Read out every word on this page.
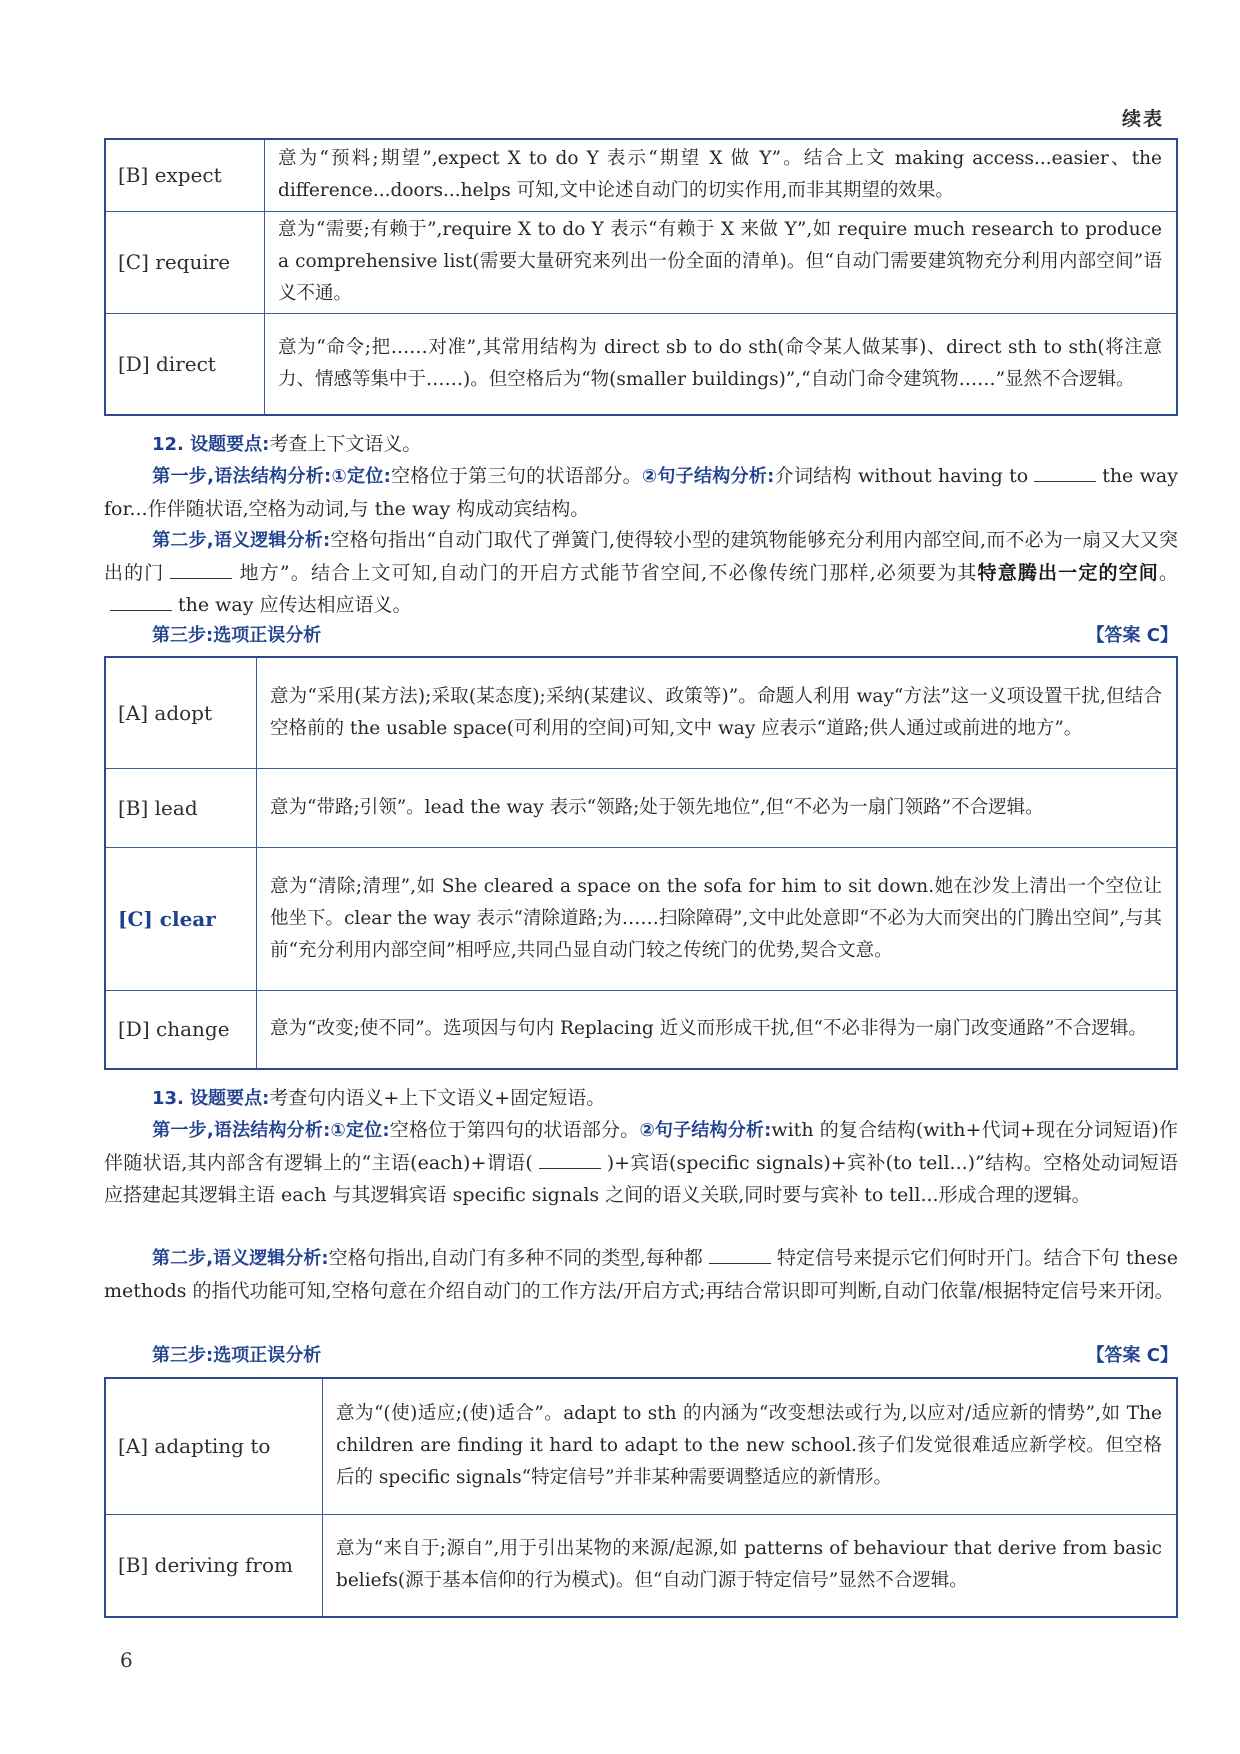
续表
[B] expect	意为“预料;期望”,expect X to do Y 表示“期望 X 做 Y”。结合上文 making access...easier、the difference...doors...helps 可知,文中论述自动门的切实作用,而非其期望的效果。
[C] require	意为“需要;有赖于”,require X to do Y 表示“有赖于 X 来做 Y”,如 require much research to produce a comprehensive list(需要大量研究来列出一份全面的清单)。但“自动门需要建筑物充分利用内部空间”语义不通。
[D] direct	意为“命令;把……对准”,其常用结构为 direct sb to do sth(命令某人做某事)、direct sth to sth(将注意力、情感等集中于……)。但空格后为“物(smaller buildings)”,“自动门命令建筑物……”显然不合逻辑。
12. 设题要点:考查上下文语义。
第一步,语法结构分析:①定位:空格位于第三句的状语部分。②句子结构分析:介词结构 without having to	the way for...作伴随状语,空格为动词,与 the way 构成动宾结构。
第二步,语义逻辑分析:空格句指出“自动门取代了弹簧门,使得较小型的建筑物能够充分利用内部空间,而不必为一扇又大又突出的门	地方”。结合上文可知,自动门的开启方式能节省空间,不必像传统门那样,必须要为其特意腾出一定的空间。the way 应传达相应语义。
第三步:选项正误分析	【答案 C】
[A] adopt	意为“采用(某方法);采取(某态度);采纳(某建议、政策等)”。命题人利用 way“方法”这一义项设置干扰,但结合空格前的 the usable space(可利用的空间)可知,文中 way 应表示“道路;供人通过或前进的地方”。
[B] lead	意为“带路;引领”。lead the way 表示“领路;处于领先地位”,但“不必为一扇门领路”不合逻辑。
[C] clear	意为“清除;清理”,如 She cleared a space on the sofa for him to sit down.她在沙发上清出一个空位让他坐下。clear the way 表示“清除道路;为……扫除障碍”,文中此处意即“不必为大而突出的门腾出空间”,与其前“充分利用内部空间”相呼应,共同凸显自动门较之传统门的优势,契合文意。
[D] change	意为“改变;使不同”。选项因与句内 Replacing 近义而形成干扰,但“不必非得为一扇门改变通路”不合逻辑。
13. 设题要点:考查句内语义+上下文语义+固定短语。
第一步,语法结构分析:①定位:空格位于第四句的状语部分。②句子结构分析:with 的复合结构(with+代词+现在分词短语)作伴随状语,其内部含有逻辑上的“主语(each)+谓语(	)+宾语(specific signals)+宾补(to tell...)”结构。空格处动词短语应搭建起其逻辑主语 each 与其逻辑宾语 specific signals 之间的语义关联,同时要与宾补 to tell...形成合理的逻辑。
第二步,语义逻辑分析:空格句指出,自动门有多种不同的类型,每种都	特定信号来提示它们何时开门。结合下句 these methods 的指代功能可知,空格句意在介绍自动门的工作方法/开启方式;再结合常识即可判断,自动门依靠/根据特定信号来开闭。
第三步:选项正误分析	【答案 C】
[A] adapting to	意为“(使)适应;(使)适合”。adapt to sth 的内涵为“改变想法或行为,以应对/适应新的情势”,如 The children are finding it hard to adapt to the new school.孩子们发觉很难适应新学校。但空格后的 specific signals“特定信号”并非某种需要调整适应的新情形。
[B] deriving from	意为“来自于;源自”,用于引出某物的来源/起源,如 patterns of behaviour that derive from basic beliefs(源于基本信仰的行为模式)。但“自动门源于特定信号”显然不合逻辑。
6
